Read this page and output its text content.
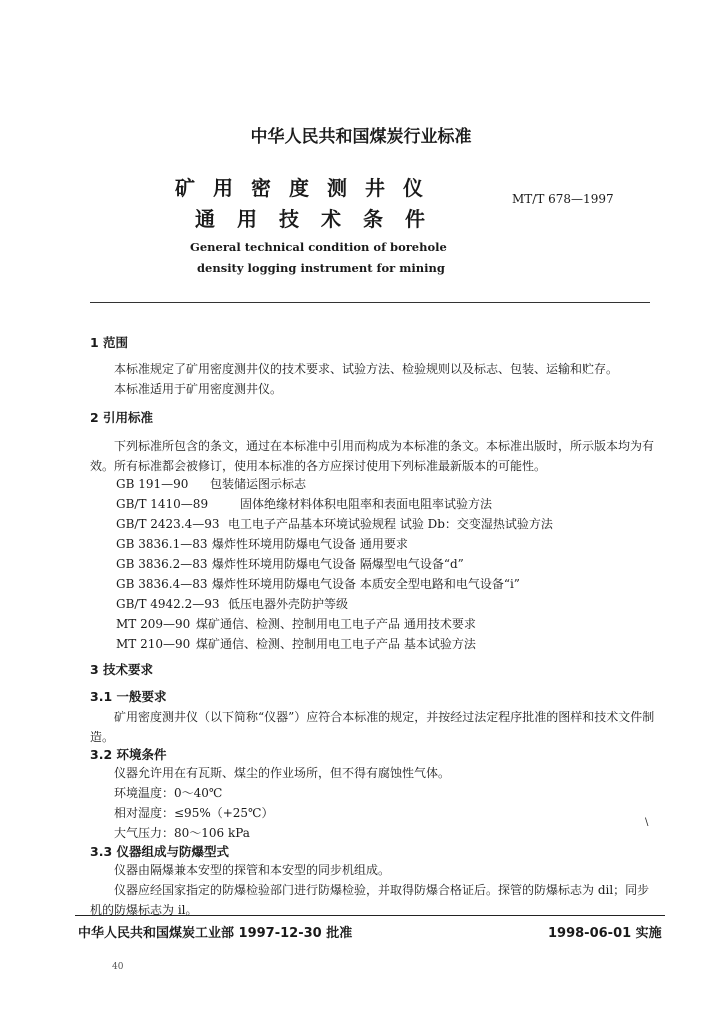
中华人民共和国煤炭行业标准
矿用密度测井仪
通用技术条件
MT/T 678—1997
General technical condition of borehole
density logging instrument for mining
1 范围
本标准规定了矿用密度测井仪的技术要求、试验方法、检验规则以及标志、包装、运输和贮存。
本标准适用于矿用密度测井仪。
2 引用标准
下列标准所包含的条文，通过在本标准中引用而构成为本标准的条文。本标准出版时，所示版本均为有效。所有标准都会被修订，使用本标准的各方应探讨使用下列标准最新版本的可能性。
GB 191—90 包装储运图示标志
GB/T 1410—89	固体绝缘材料体积电阻率和表面电阻率试验方法
GB/T 2423.4—93 电工电子产品基本环境试验规程 试验 Db：交变湿热试验方法
GB 3836.1—83 爆炸性环境用防爆电气设备 通用要求
GB 3836.2—83 爆炸性环境用防爆电气设备 隔爆型电气设备“d”
GB 3836.4—83 爆炸性环境用防爆电气设备 本质安全型电路和电气设备“i”
GB/T 4942.2—93 低压电器外壳防护等级
MT 209—90 煤矿通信、检测、控制用电工电子产品 通用技术要求
MT 210—90 煤矿通信、检测、控制用电工电子产品 基本试验方法
3 技术要求
3.1 一般要求
矿用密度测井仪（以下简称“仪器”）应符合本标准的规定，并按经过法定程序批准的图样和技术文件制造。
3.2 环境条件
仪器允许用在有瓦斯、煤尘的作业场所，但不得有腐蚀性气体。
环境温度：0～40℃
相对湿度：≤95%（+25℃）
大气压力：80～106 kPa
\
3.3 仪器组成与防爆型式
仪器由隔爆兼本安型的探管和本安型的同步机组成。
仪器应经国家指定的防爆检验部门进行防爆检验，并取得防爆合格证后。探管的防爆标志为 dil；同步机的防爆标志为 il。
中华人民共和国煤炭工业部 1997-12-30 批准	1998-06-01 实施
40
